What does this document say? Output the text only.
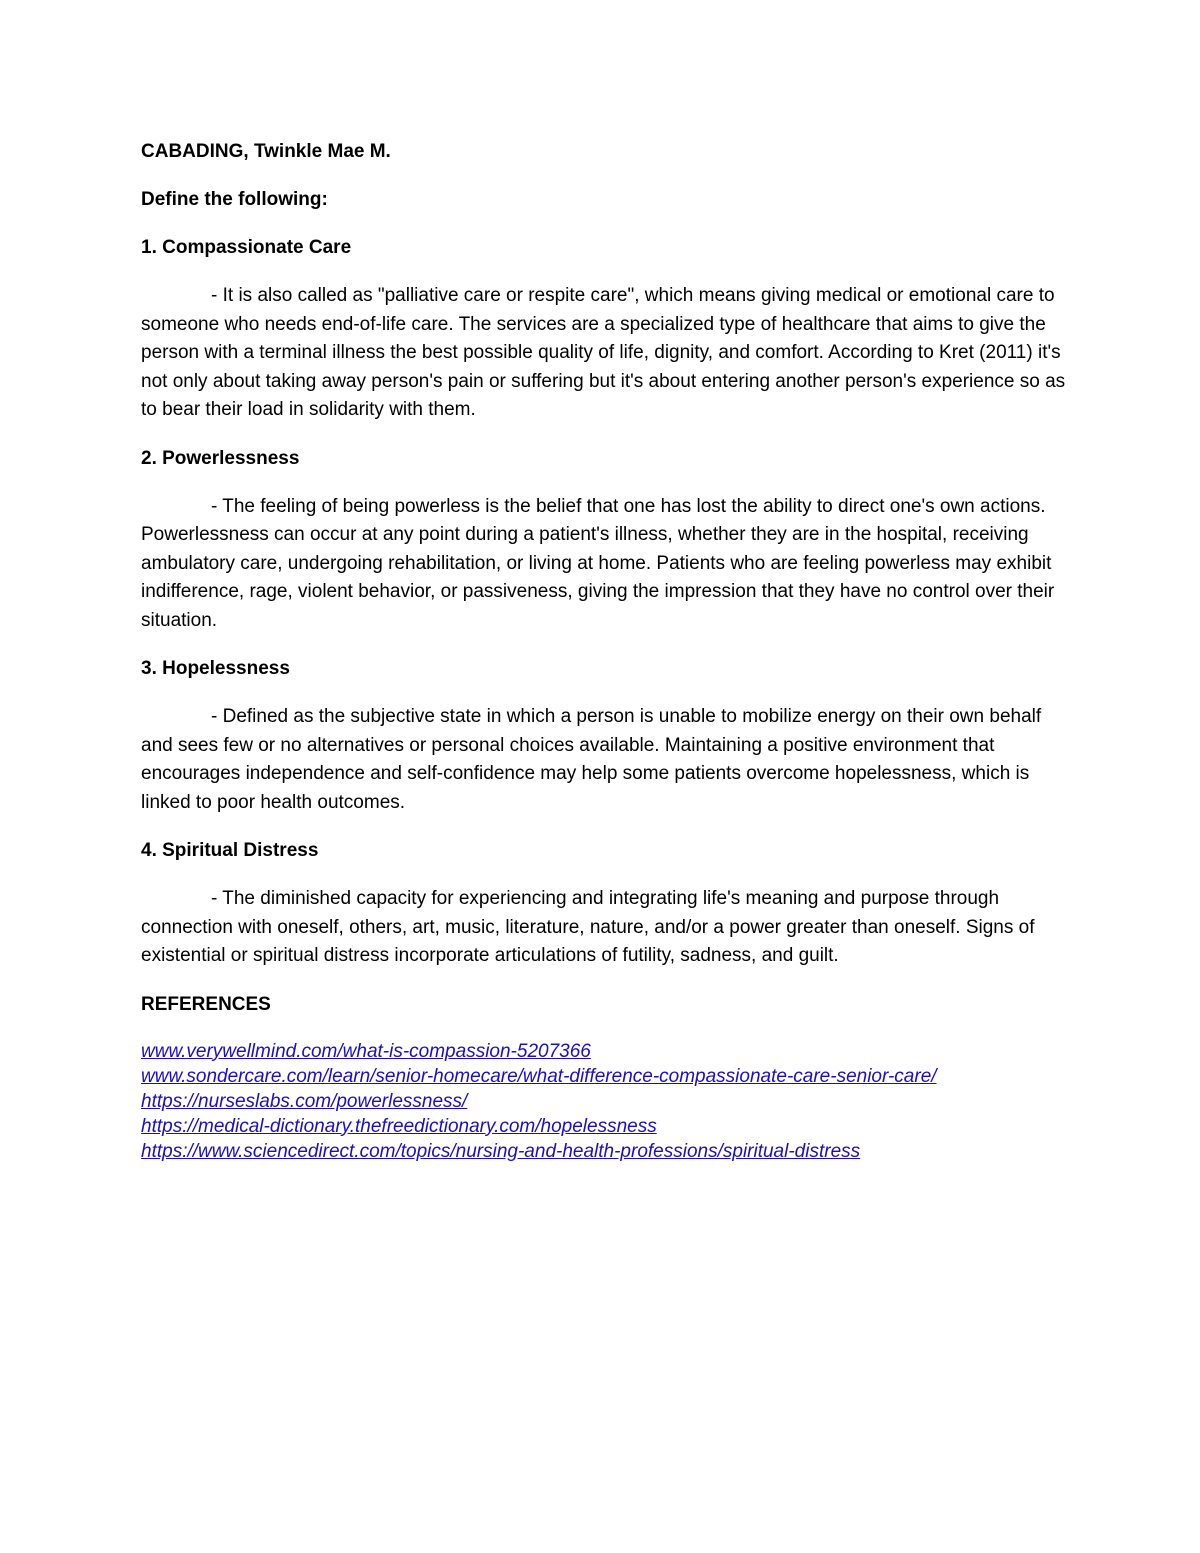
CABADING, Twinkle Mae M.

Define the following:

1. Compassionate Care

- It is also called as "palliative care or respite care", which means giving medical or emotional care to someone who needs end-of-life care. The services are a specialized type of healthcare that aims to give the person with a terminal illness the best possible quality of life, dignity, and comfort. According to Kret (2011) it's not only about taking away person's pain or suffering but it's about entering another person's experience so as to bear their load in solidarity with them.

2. Powerlessness

- The feeling of being powerless is the belief that one has lost the ability to direct one's own actions. Powerlessness can occur at any point during a patient's illness, whether they are in the hospital, receiving ambulatory care, undergoing rehabilitation, or living at home. Patients who are feeling powerless may exhibit indifference, rage, violent behavior, or passiveness, giving the impression that they have no control over their situation.

3. Hopelessness

- Defined as the subjective state in which a person is unable to mobilize energy on their own behalf and sees few or no alternatives or personal choices available. Maintaining a positive environment that encourages independence and self-confidence may help some patients overcome hopelessness, which is linked to poor health outcomes.

4. Spiritual Distress

- The diminished capacity for experiencing and integrating life's meaning and purpose through connection with oneself, others, art, music, literature, nature, and/or a power greater than oneself. Signs of existential or spiritual distress incorporate articulations of futility, sadness, and guilt.

REFERENCES

www.verywellmind.com/what-is-compassion-5207366
www.sondercare.com/learn/senior-homecare/what-difference-compassionate-care-senior-care/
https://nurseslabs.com/powerlessness/
https://medical-dictionary.thefreedictionary.com/hopelessness
https://www.sciencedirect.com/topics/nursing-and-health-professions/spiritual-distress
